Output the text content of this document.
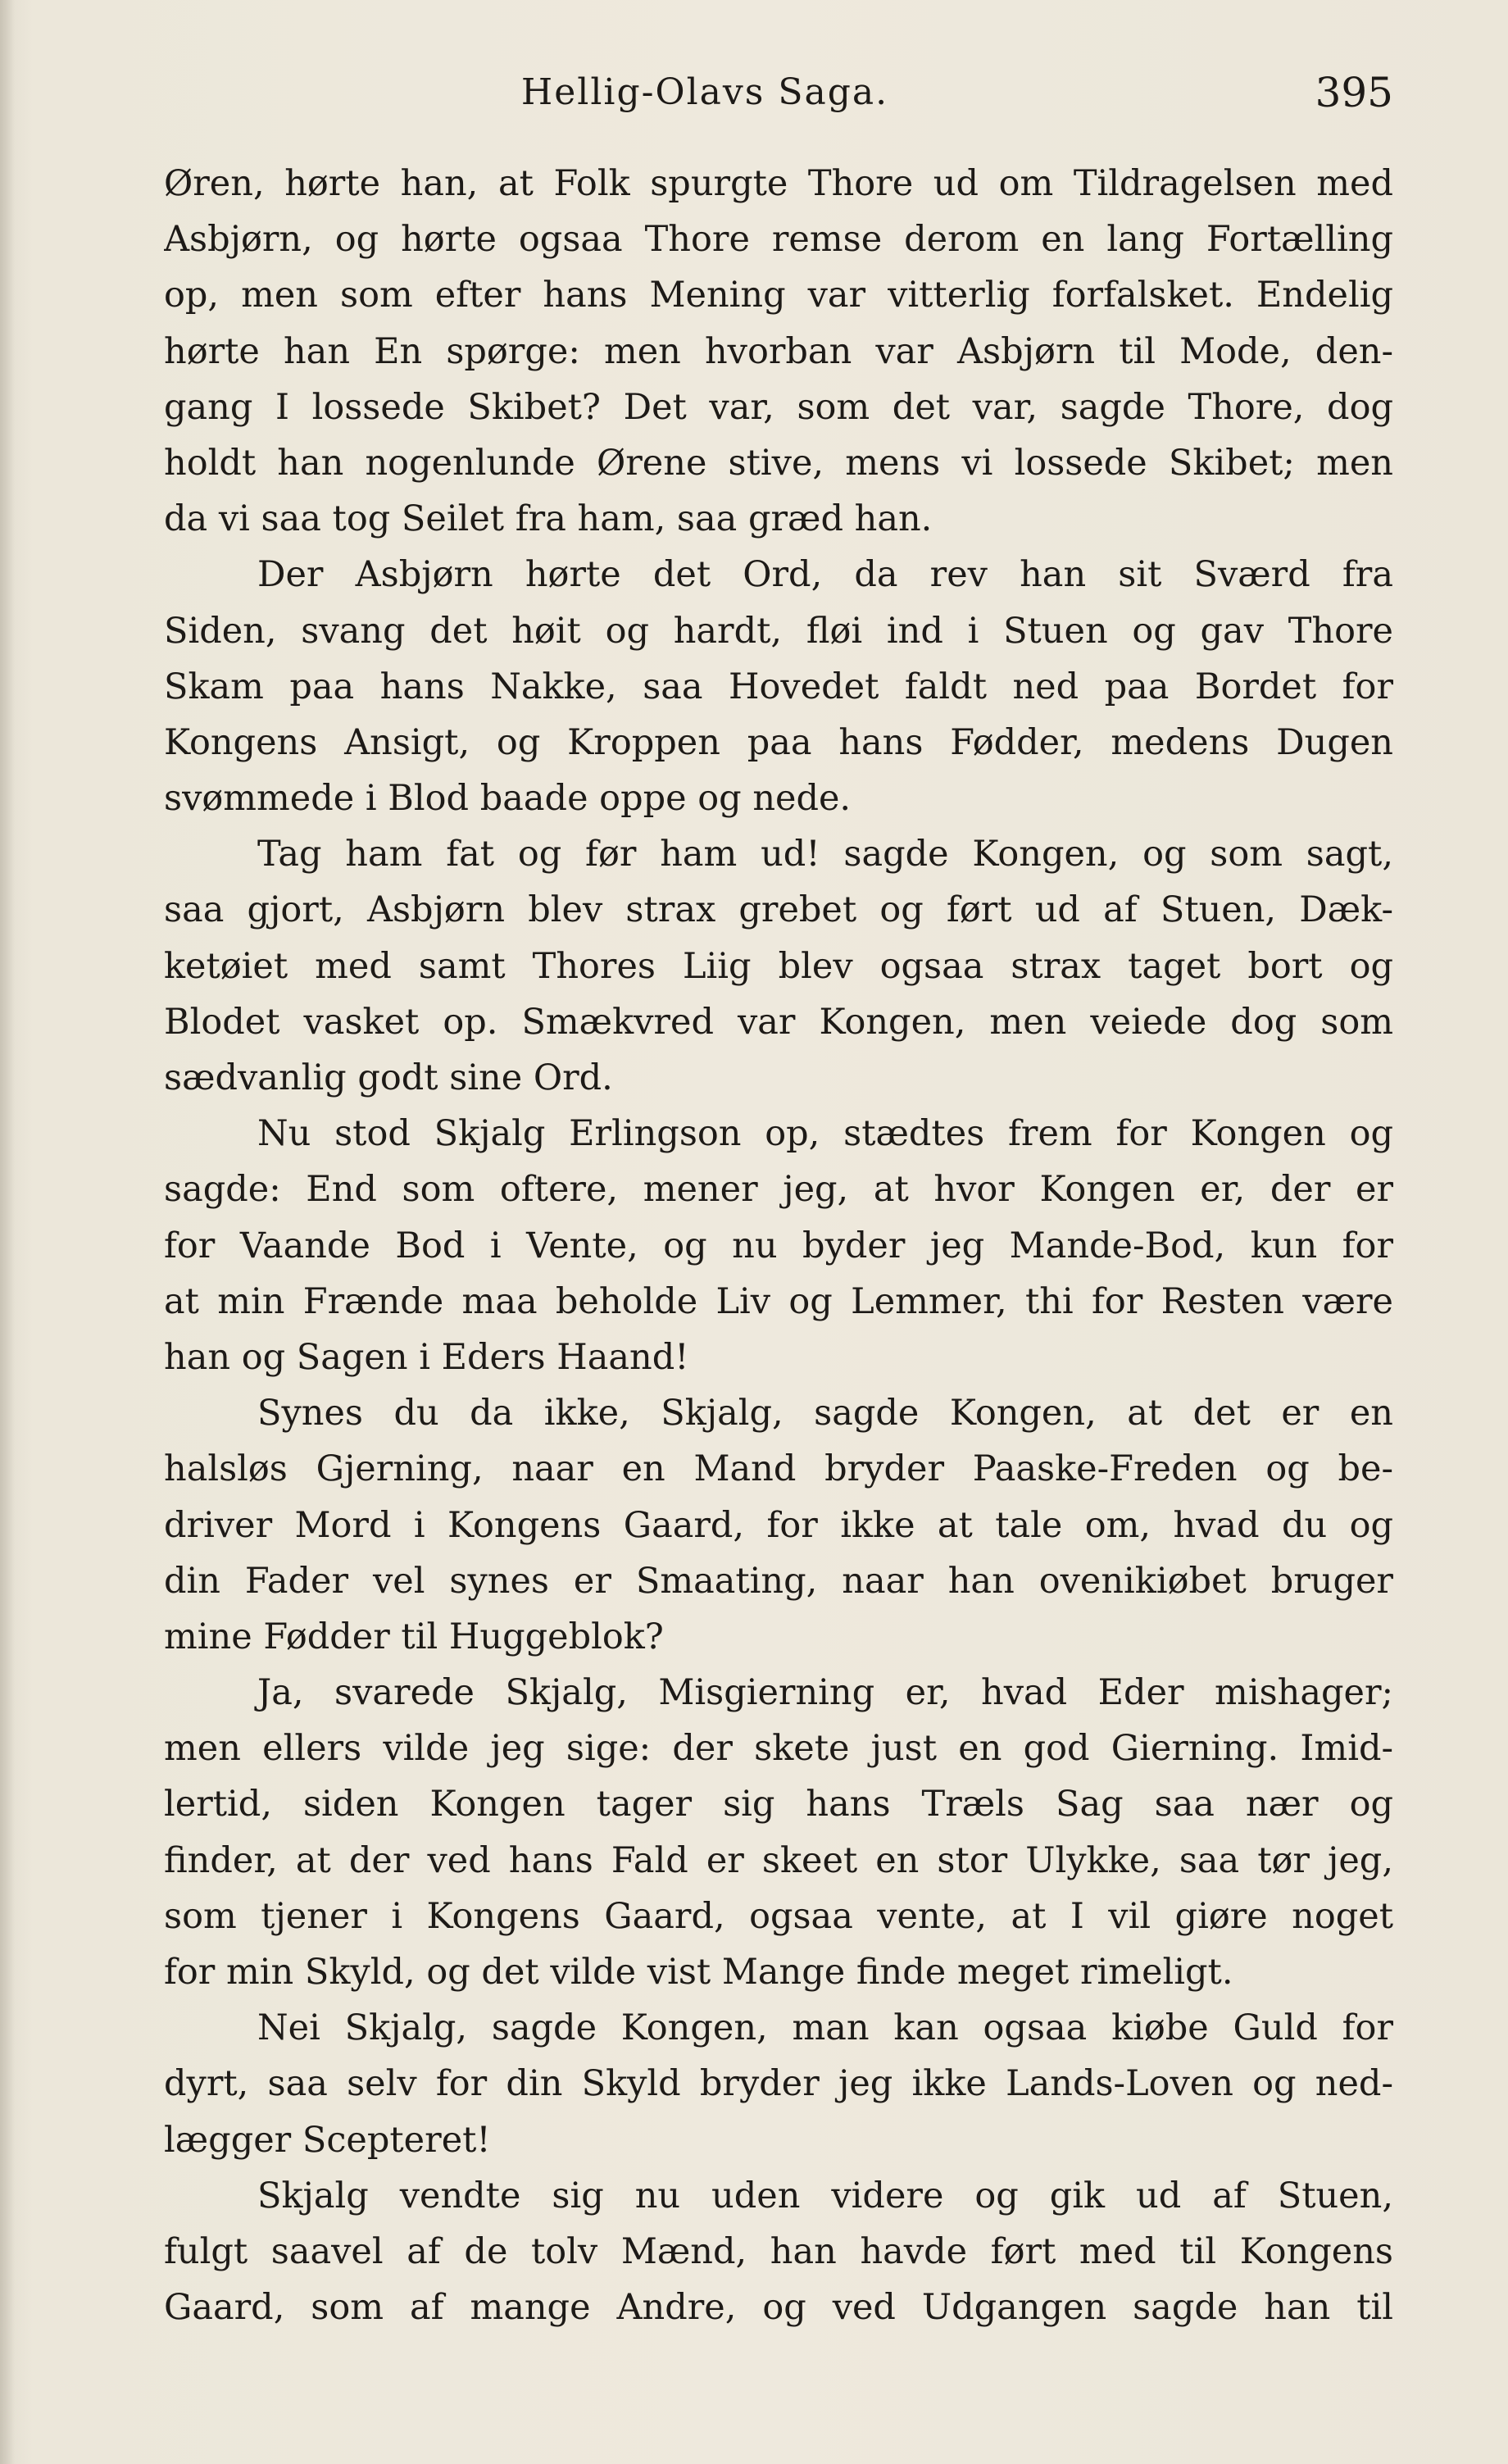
Hellig-Olavs Saga.	395
Øren, hørte han, at Folk spurgte Thore ud om Tildragelsen med
Asbjørn, og hørte ogsaa Thore remse derom en lang Fortælling
op, men som efter hans Mening var vitterlig forfalsket. Endelig
hørte han En spørge: men hvorban var Asbjørn til Mode, den-
gang I lossede Skibet? Det var, som det var, sagde Thore, dog
holdt han nogenlunde Ørene stive, mens vi lossede Skibet; men
da vi saa tog Seilet fra ham, saa græd han.
Der Asbjørn hørte det Ord, da rev han sit Sværd fra
Siden, svang det høit og hardt, fløi ind i Stuen og gav Thore
Skam paa hans Nakke, saa Hovedet faldt ned paa Bordet for
Kongens Ansigt, og Kroppen paa hans Fødder, medens Dugen
svømmede i Blod baade oppe og nede.
Tag ham fat og før ham ud! sagde Kongen, og som sagt,
saa gjort, Asbjørn blev strax grebet og ført ud af Stuen, Dæk-
ketøiet med samt Thores Liig blev ogsaa strax taget bort og
Blodet vasket op. Smækvred var Kongen, men veiede dog som
sædvanlig godt sine Ord.
Nu stod Skjalg Erlingson op, stædtes frem for Kongen og
sagde: End som oftere, mener jeg, at hvor Kongen er, der er
for Vaande Bod i Vente, og nu byder jeg Mande-Bod, kun for
at min Frænde maa beholde Liv og Lemmer, thi for Resten være
han og Sagen i Eders Haand!
Synes du da ikke, Skjalg, sagde Kongen, at det er en
halsløs Gjerning, naar en Mand bryder Paaske-Freden og be-
driver Mord i Kongens Gaard, for ikke at tale om, hvad du og
din Fader vel synes er Smaating, naar han ovenikiøbet bruger
mine Fødder til Huggeblok?
Ja, svarede Skjalg, Misgierning er, hvad Eder mishager;
men ellers vilde jeg sige: der skete just en god Gierning. Imid-
lertid, siden Kongen tager sig hans Træls Sag saa nær og
finder, at der ved hans Fald er skeet en stor Ulykke, saa tør jeg,
som tjener i Kongens Gaard, ogsaa vente, at I vil giøre noget
for min Skyld, og det vilde vist Mange finde meget rimeligt.
Nei Skjalg, sagde Kongen, man kan ogsaa kiøbe Guld for
dyrt, saa selv for din Skyld bryder jeg ikke Lands-Loven og ned-
lægger Scepteret!
Skjalg vendte sig nu uden videre og gik ud af Stuen,
fulgt saavel af de tolv Mænd, han havde ført med til Kongens
Gaard, som af mange Andre, og ved Udgangen sagde han til
